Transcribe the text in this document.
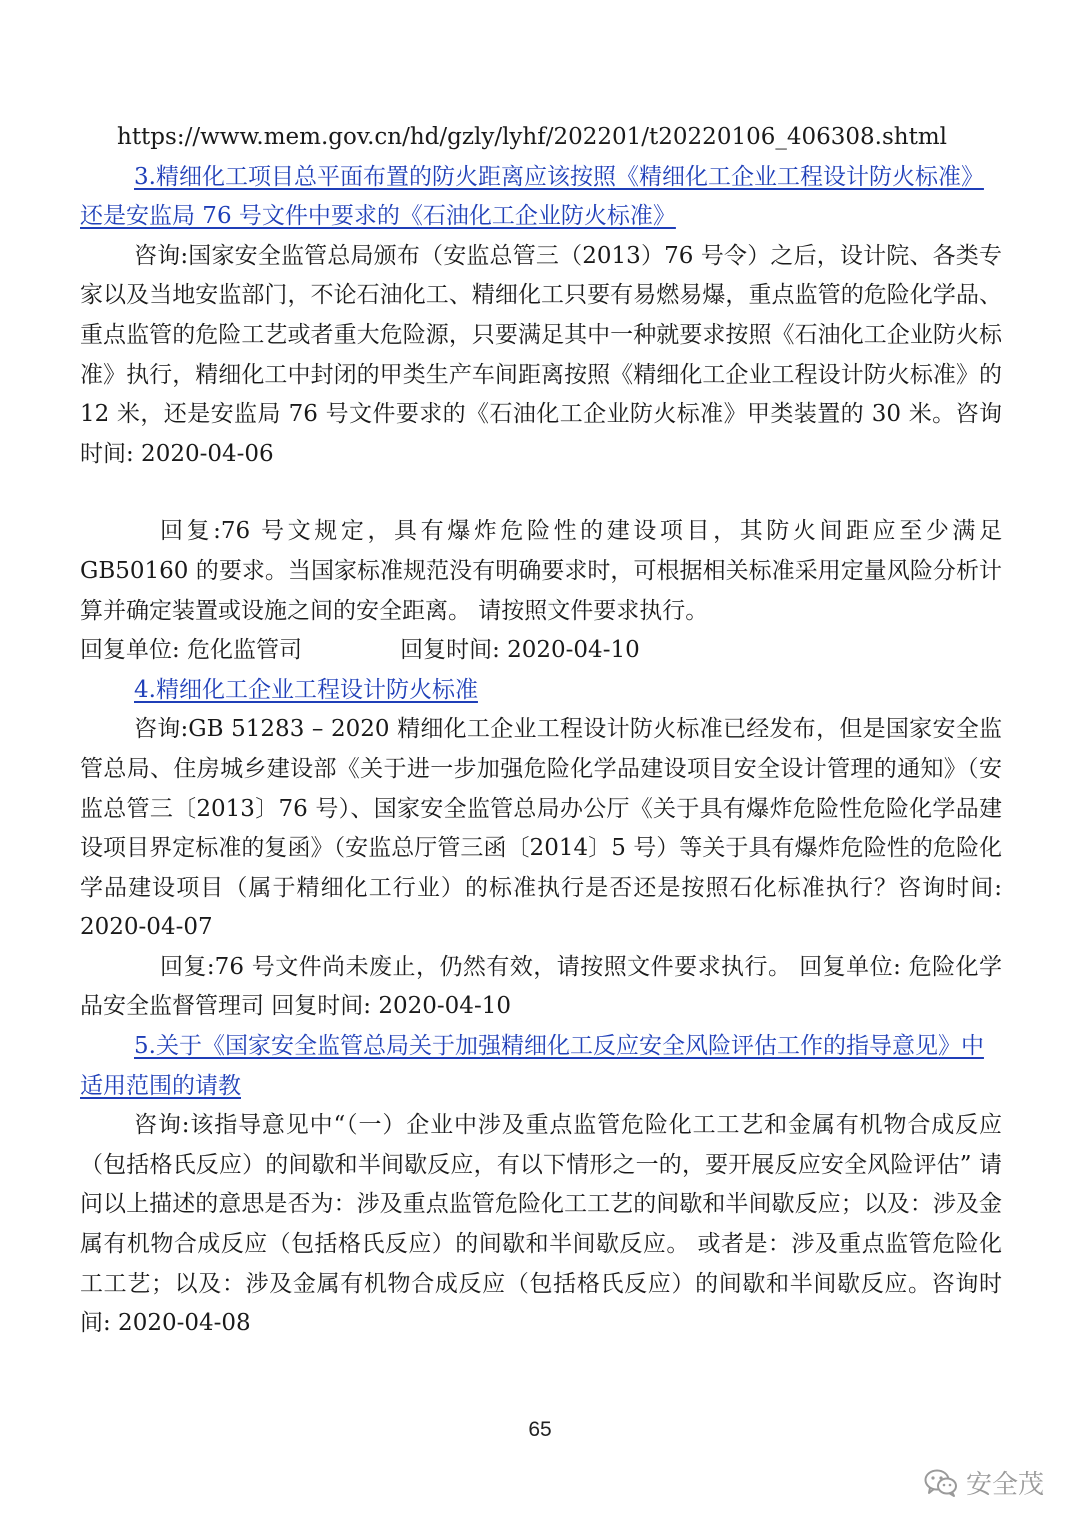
https://www.mem.gov.cn/hd/gzly/lyhf/202201/t20220106_406308.shtml

3.精细化工项目总平面布置的防火距离应该按照《精细化工企业工程设计防火标准》还是安监局 76 号文件中要求的《石油化工企业防火标准》

咨询:国家安全监管总局颁布（安监总管三（2013）76 号令）之后，设计院、各类专家以及当地安监部门，不论石油化工、精细化工只要有易燃易爆，重点监管的危险化学品、重点监管的危险工艺或者重大危险源，只要满足其中一种就要求按照《石油化工企业防火标准》执行，精细化工中封闭的甲类生产车间距离按照《精细化工企业工程设计防火标准》的 12 米，还是安监局 76 号文件要求的《石油化工企业防火标准》甲类装置的 30 米。咨询时间: 2020-04-06

回复:76 号文规定，具有爆炸危险性的建设项目，其防火间距应至少满足GB50160 的要求。当国家标准规范没有明确要求时，可根据相关标准采用定量风险分析计算并确定装置或设施之间的安全距离。 请按照文件要求执行。

回复单位: 危化监管司	回复时间: 2020-04-10

4.精细化工企业工程设计防火标准

咨询:GB 51283 – 2020 精细化工企业工程设计防火标准已经发布，但是国家安全监管总局、住房城乡建设部《关于进一步加强危险化学品建设项目安全设计管理的通知》（安监总管三〔2013〕76 号）、国家安全监管总局办公厅《关于具有爆炸危险性危险化学品建设项目界定标准的复函》（安监总厅管三函〔2014〕5 号）等关于具有爆炸危险性的危险化学品建设项目（属于精细化工行业）的标准执行是否还是按照石化标准执行？咨询时间: 2020-04-07

回复:76 号文件尚未废止，仍然有效，请按照文件要求执行。 回复单位: 危险化学品安全监督管理司 回复时间: 2020-04-10

5.关于《国家安全监管总局关于加强精细化工反应安全风险评估工作的指导意见》中适用范围的请教

咨询:该指导意见中“（一）企业中涉及重点监管危险化工工艺和金属有机物合成反应（包括格氏反应）的间歇和半间歇反应，有以下情形之一的，要开展反应安全风险评估” 请问以上描述的意思是否为：涉及重点监管危险化工工艺的间歇和半间歇反应；以及：涉及金属有机物合成反应（包括格氏反应）的间歇和半间歇反应。 或者是：涉及重点监管危险化工工艺；以及：涉及金属有机物合成反应（包括格氏反应）的间歇和半间歇反应。咨询时间: 2020-04-08

65
安全茂
